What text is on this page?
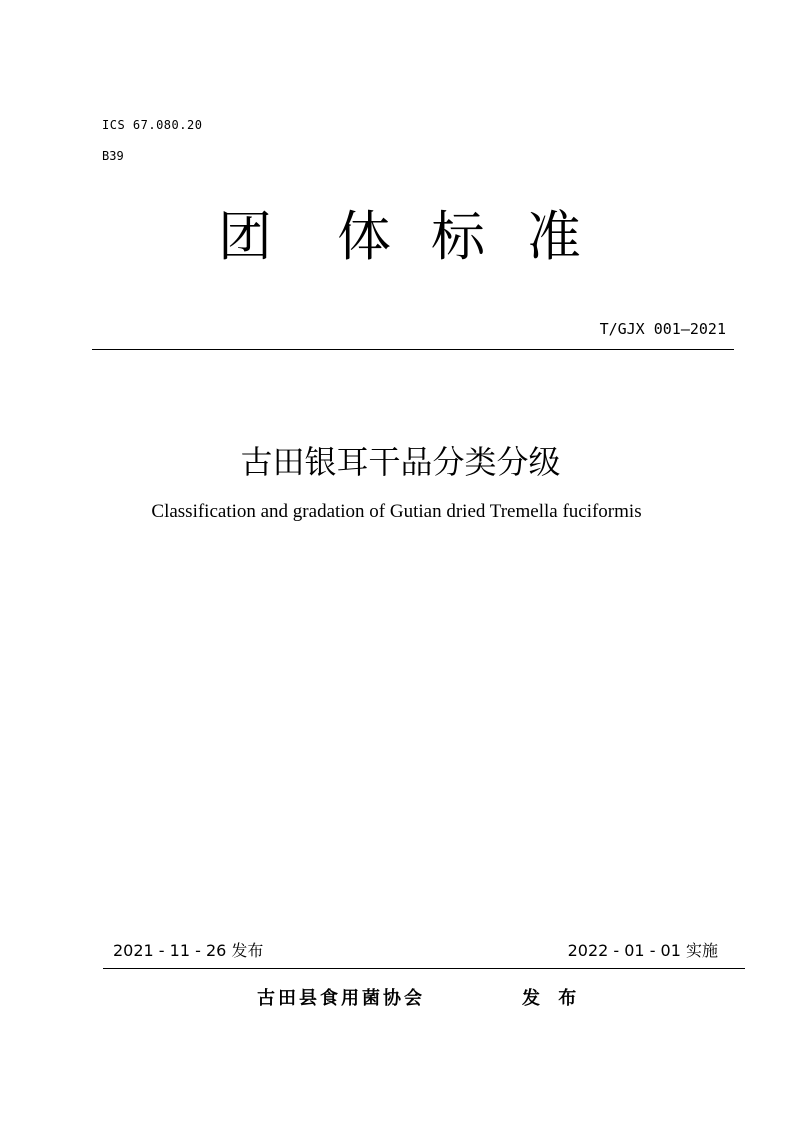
ICS 67.080.20
B39
团 体 标 准
T/GJX 001—2021
古田银耳干品分类分级
Classification and gradation of Gutian dried Tremella fuciformis
2021 - 11 - 26 发布	2022 - 01 - 01 实施
古田县食用菌协会	发 布
